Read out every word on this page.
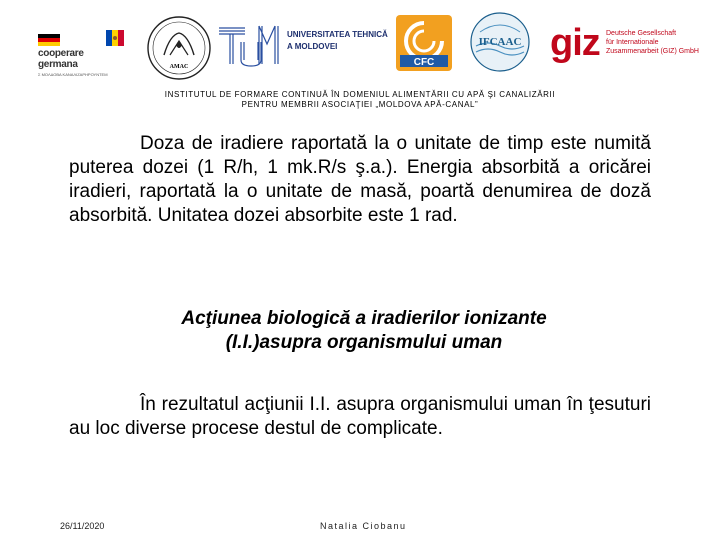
cooperare
germana
Σ ΜΟΛΔΟΒΑ ΚΑΝΑΛΙΖΑΡΗΡΟΥΝΤΕΜ
AMAC
UNIVERSITATEA TEHNICĂ
A MOLDOVEI
CFC
IFCAAC giz Deutsche Gesellschaft
für Internationale
Zusammenarbeit (GIZ) GmbH
INSTITUTUL DE FORMARE CONTINUĂ ÎN DOMENIUL ALIMENTĂRII CU APĂ ŞI CANALIZĂRII
PENTRU MEMBRII ASOCIAŢIEI „MOLDOVA APĂ-CANAL”
Doza de iradiere raportată la o unitate de timp este numită puterea dozei (1 R/h, 1 mk.R/s ş.a.). Energia absorbită a oricărei iradieri, raportată la o unitate de masă, poartă denumirea de doză absorbită. Unitatea dozei absorbite este 1 rad.
Acţiunea biologică a iradierilor ionizante
(I.I.)asupra organismului uman
În rezultatul acţiunii I.I. asupra organismului uman în ţesuturi au loc diverse procese destul de complicate.
26/11/2020	Natalia Ciobanu
